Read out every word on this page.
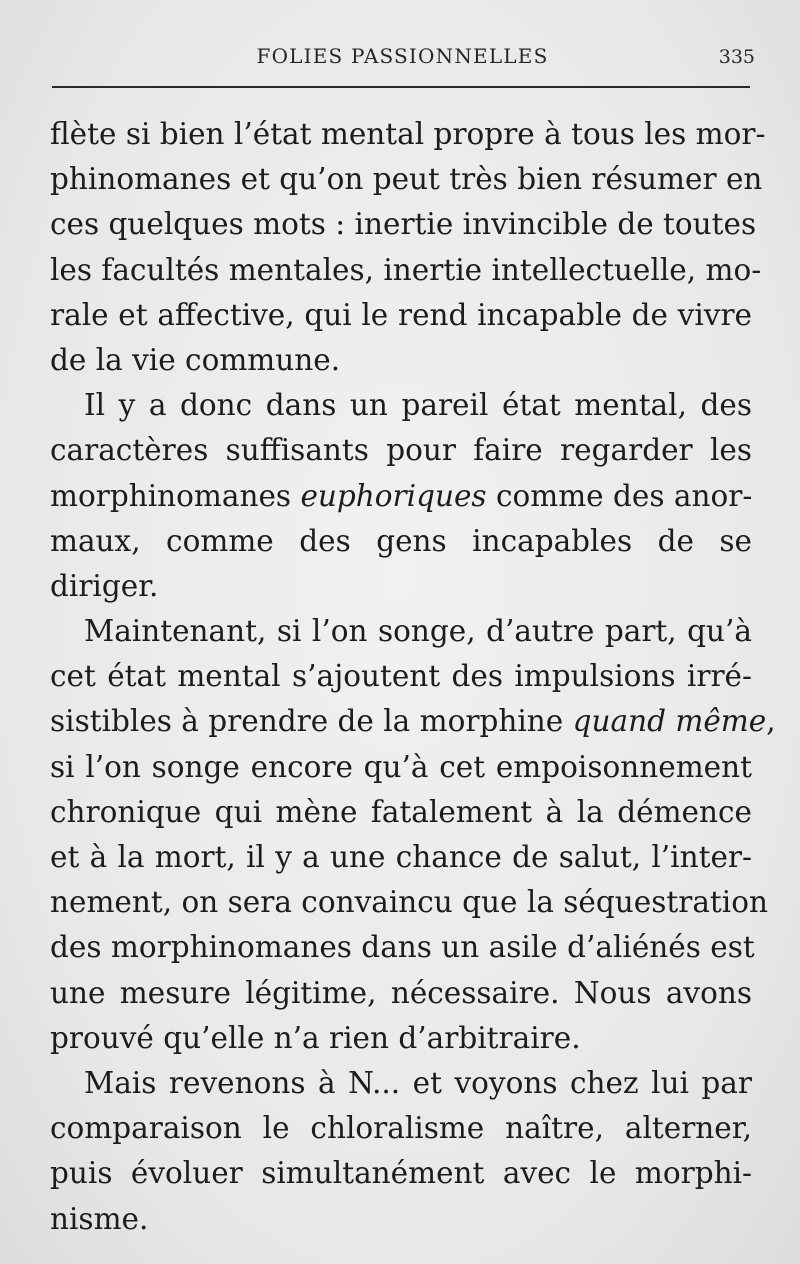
FOLIES PASSIONNELLES	335
flète si bien l’état mental propre à tous les mor-
phinomanes et qu’on peut très bien résumer en
ces quelques mots : inertie invincible de toutes
les facultés mentales, inertie intellectuelle, mo-
rale et affective, qui le rend incapable de vivre
de la vie commune.
Il y a donc dans un pareil état mental, des
caractères suffisants pour faire regarder les
morphinomanes euphoriques comme des anor-
maux, comme des gens incapables de se
diriger.
Maintenant, si l’on songe, d’autre part, qu’à
cet état mental s’ajoutent des impulsions irré-
sistibles à prendre de la morphine quand même,
si l’on songe encore qu’à cet empoisonnement
chronique qui mène fatalement à la démence
et à la mort, il y a une chance de salut, l’inter-
nement, on sera convaincu que la séquestration
des morphinomanes dans un asile d’aliénés est
une mesure légitime, nécessaire. Nous avons
prouvé qu’elle n’a rien d’arbitraire.
Mais revenons à N... et voyons chez lui par
comparaison le chloralisme naître, alterner,
puis évoluer simultanément avec le morphi-
nisme.
